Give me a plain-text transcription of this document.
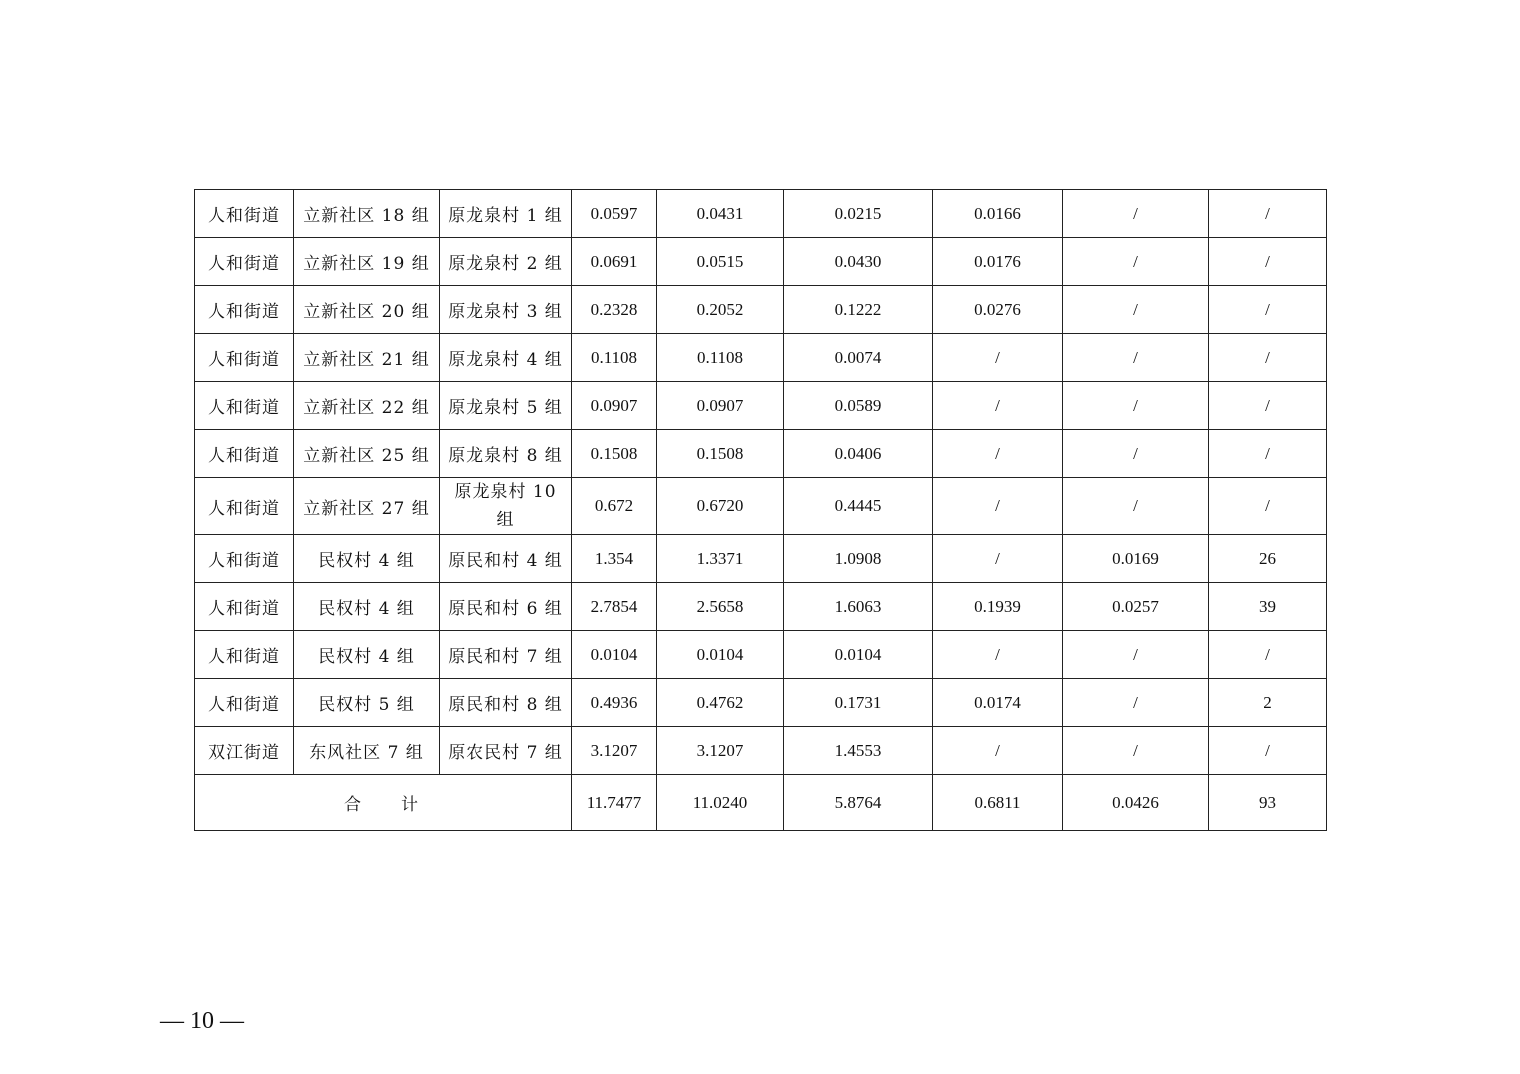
人和街道	立新社区 18 组	原龙泉村 1 组	0.0597	0.0431	0.0215	0.0166	/	/
人和街道	立新社区 19 组	原龙泉村 2 组	0.0691	0.0515	0.0430	0.0176	/	/
人和街道	立新社区 20 组	原龙泉村 3 组	0.2328	0.2052	0.1222	0.0276	/	/
人和街道	立新社区 21 组	原龙泉村 4 组	0.1108	0.1108	0.0074	/	/	/
人和街道	立新社区 22 组	原龙泉村 5 组	0.0907	0.0907	0.0589	/	/	/
人和街道	立新社区 25 组	原龙泉村 8 组	0.1508	0.1508	0.0406	/	/	/
人和街道	立新社区 27 组	原龙泉村 10 组	0.672	0.6720	0.4445	/	/	/
人和街道	民权村 4 组	原民和村 4 组	1.354	1.3371	1.0908	/	0.0169	26
人和街道	民权村 4 组	原民和村 6 组	2.7854	2.5658	1.6063	0.1939	0.0257	39
人和街道	民权村 4 组	原民和村 7 组	0.0104	0.0104	0.0104	/	/	/
人和街道	民权村 5 组	原民和村 8 组	0.4936	0.4762	0.1731	0.0174	/	2
双江街道	东风社区 7 组	原农民村 7 组	3.1207	3.1207	1.4553	/	/	/
合计			11.7477	11.0240	5.8764	0.6811	0.0426	93
— 10 —
